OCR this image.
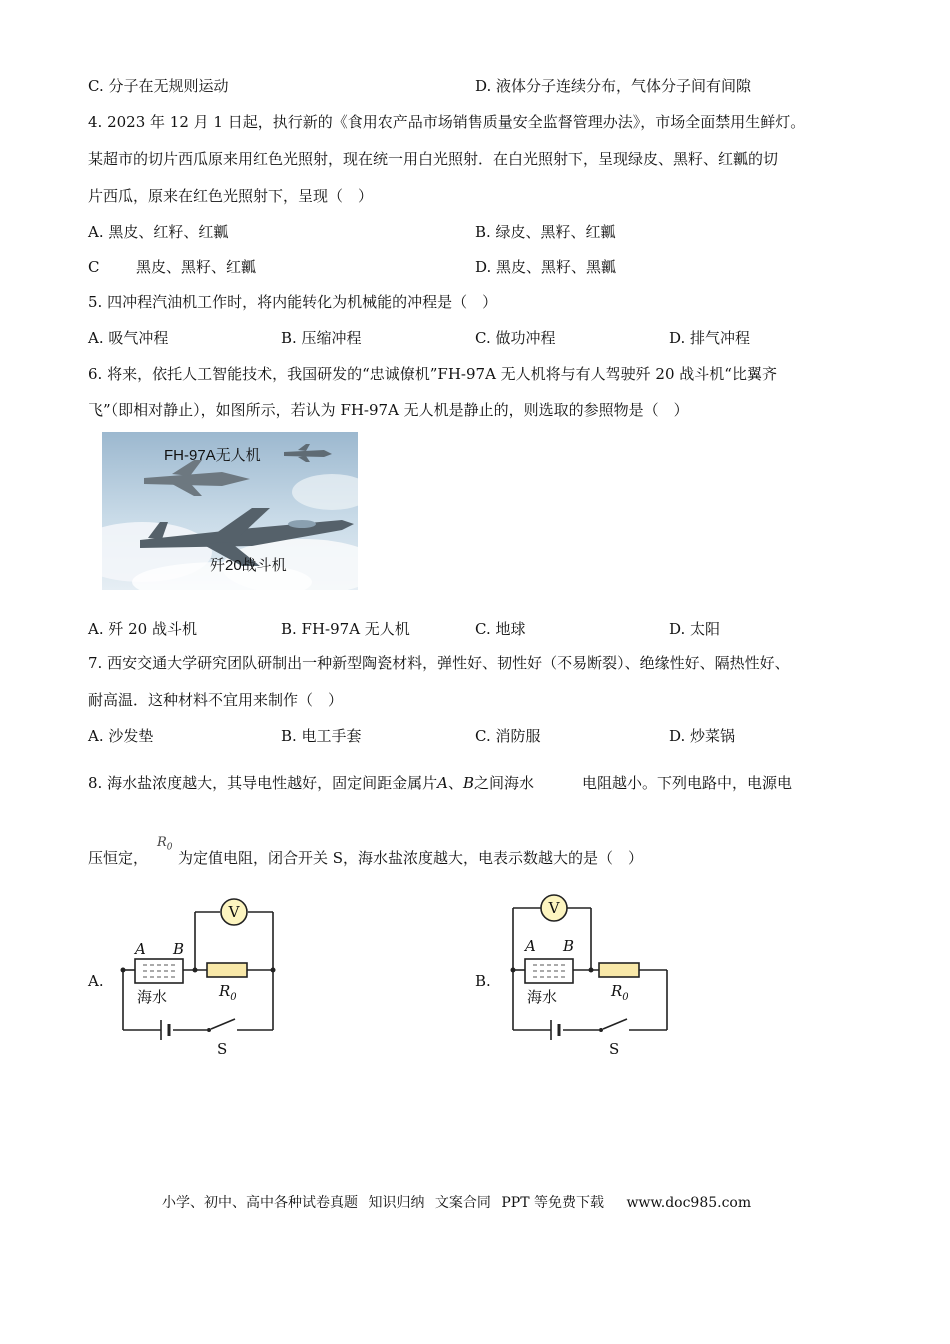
C. 分子在无规则运动	D. 液体分子连续分布，气体分子间有间隙
4. 2023 年 12 月 1 日起，执行新的《食用农产品市场销售质量安全监督管理办法》，市场全面禁用生鲜灯。
某超市的切片西瓜原来用红色光照射，现在统一用白光照射．在白光照射下，呈现绿皮、黑籽、红瓤的切
片西瓜，原来在红色光照射下，呈现（　）
A. 黑皮、红籽、红瓤	B. 绿皮、黑籽、红瓤
C 黑皮、黑籽、红瓤	D. 黑皮、黑籽、黑瓤
5. 四冲程汽油机工作时，将内能转化为机械能的冲程是（　）
A. 吸气冲程	B. 压缩冲程	C. 做功冲程	D. 排气冲程
6. 将来，依托人工智能技术，我国研发的“忠诚僚机”FH-97A 无人机将与有人驾驶歼 20 战斗机“比翼齐
飞”（即相对静止），如图所示，若认为 FH-97A 无人机是静止的，则选取的参照物是（　）
FH-97A无人机
歼20战斗机
A. 歼 20 战斗机	B. FH-97A 无人机	C. 地球	D. 太阳
7. 西安交通大学研究团队研制出一种新型陶瓷材料，弹性好、韧性好（不易断裂）、绝缘性好、隔热性好、
耐高温．这种材料不宜用来制作（　）
A. 沙发垫	B. 电工手套	C. 消防服	D. 炒菜锅
8. 海水盐浓度越大，其导电性越好，固定间距金属片A、B之间海水	电阻越小。下列电路中，电源电
$R_0$
压恒定， 为定值电阻，闭合开关 S，海水盐浓度越大，电表示数越大的是（　）
A.
V
A B
海水	$R_0$
S
B.
V
A B
海水	$R_0$
S
小学、初中、高中各种试卷真题 知识归纳 文案合同 PPT 等免费下载 www.doc985.com
